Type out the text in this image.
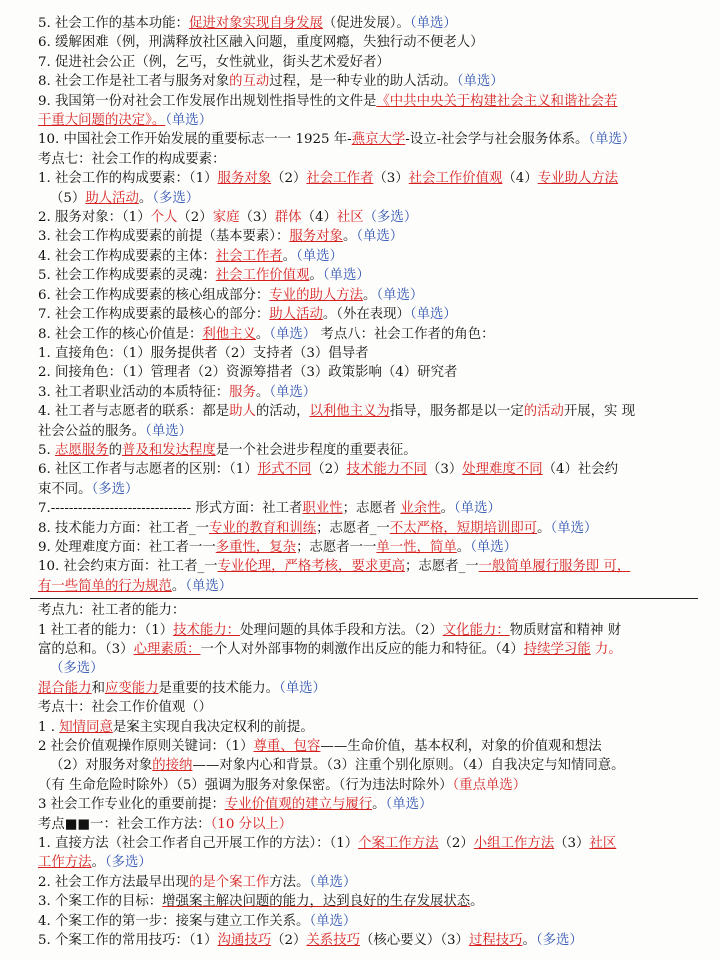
5. 社会工作的基本功能：促进对象实现自身发展（促进发展）。（单选）
6. 缓解困难（例，刑满释放社区融入问题，重度网瘾，失独行动不便老人）
7. 促进社会公正（例，乞丐，女性就业，街头艺术爱好者）
8. 社会工作是社工者与服务对象的互动过程，是一种专业的助人活动。（单选）
9. 我国第一份对社会工作发展作出规划性指导性的文件是《中共中央关于构建社会主义和谐社会若
干重大问题的决定》。（单选）
10. 中国社会工作开始发展的重要标志一一 1925 年-燕京大学-设立-社会学与社会服务体系。（单选）
考点七：社会工作的构成要素：
1. 社会工作的构成要素：（1）服务对象（2）社会工作者（3）社会工作价值观（4）专业助人方法
（5）助人活动。（多选）
2. 服务对象：（1）个人（2）家庭（3）群体（4）社区（多选）
3. 社会工作构成要素的前提（基本要素）：服务对象。（单选）
4. 社会工作构成要素的主体：社会工作者。（单选）
5. 社会工作构成要素的灵魂：社会工作价值观。（单选）
6. 社会工作构成要素的核心组成部分：专业的助人方法。（单选）
7. 社会工作构成要素的最核心的部分：助人活动。（外在表现）（单选）
8. 社会工作的核心价值是：利他主义。（单选） 考点八：社会工作者的角色：
1. 直接角色：（1）服务提供者（2）支持者（3）倡导者
2. 间接角色：（1）管理者（2）资源筹措者（3）政策影响（4）研究者
3. 社工者职业活动的本质特征：服务。（单选）
4. 社工者与志愿者的联系：都是助人的活动，以利他主义为指导，服务都是以一定的活动开展，实 现
社会公益的服务。（单选）
5. 志愿服务的普及和发达程度是一个社会进步程度的重要表征。
6. 社区工作者与志愿者的区别：（1）形式不同（2）技术能力不同（3）处理难度不同（4）社会约
束不同。（多选）
7.------------------------------- 形式方面：社工者职业性；志愿者 业余性。（单选）
8. 技术能力方面：社工者_一专业的教育和训练；志愿者_一不太严格，短期培训即可。（单选）
9. 处理难度方面：社工者一一多重性，复杂；志愿者一一单一性，简单。（单选）
10. 社会约束方面：社工者_一专业伦理，严格考核，要求更高；志愿者_一一般简单履行服务即 可，
有一些简单的行为规范。（单选）
考点九：社工者的能力：
1 社工者的能力：（1）技术能力：处理问题的具体手段和方法。（2）文化能力：物质财富和精神 财
富的总和。（3）心理素质：一个人对外部事物的刺激作出反应的能力和特征。（4）持续学习能 力。
（多选）
混合能力和应变能力是重要的技术能力。（单选）
考点十：社会工作价值观（）
1 . 知情同意是案主实现自我决定权利的前提。
2 社会价值观操作原则关键词：（1）尊重、包容——生命价值，基本权利，对象的价值观和想法
（2）对服务对象的接纳——对象内心和背景。（3）注重个别化原则。（4）自我决定与知情同意。
（有 生命危险时除外）（5）强调为服务对象保密。（行为违法时除外）（重点单选）
3 社会工作专业化的重要前提：专业价值观的建立与履行。（单选）
考点■■一：社会工作方法：（10 分以上）
1. 直接方法（社会工作者自己开展工作的方法）：（1）个案工作方法（2）小组工作方法（3）社区
工作方法。（多选）
2. 社会工作方法最早出现的是个案工作方法。（单选）
3. 个案工作的目标：增强案主解决问题的能力，达到良好的生存发展状态。
4. 个案工作的第一步：接案与建立工作关系。（单选）
5. 个案工作的常用技巧：（1）沟通技巧（2）关系技巧（核心要义）（3）过程技巧。（多选）
